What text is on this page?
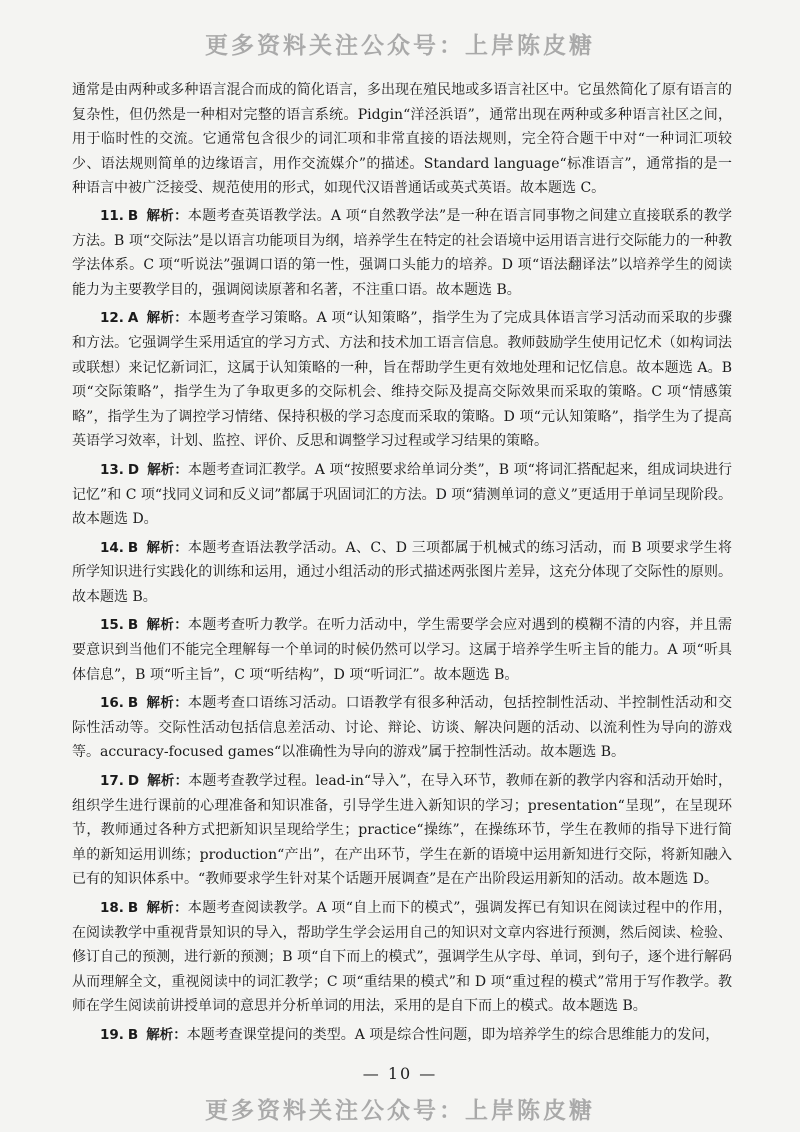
更多资料关注公众号：上岸陈皮糖

通常是由两种或多种语言混合而成的简化语言，多出现在殖民地或多语言社区中。它虽然简化了原有语言的复杂性，但仍然是一种相对完整的语言系统。Pidgin“洋泾浜语”，通常出现在两种或多种语言社区之间，用于临时性的交流。它通常包含很少的词汇项和非常直接的语法规则，完全符合题干中对“一种词汇项较少、语法规则简单的边缘语言，用作交流媒介”的描述。Standard language“标准语言”，通常指的是一种语言中被广泛接受、规范使用的形式，如现代汉语普通话或英式英语。故本题选 C。

11. B 解析：本题考查英语教学法。A 项“自然教学法”是一种在语言同事物之间建立直接联系的教学方法。B 项“交际法”是以语言功能项目为纲，培养学生在特定的社会语境中运用语言进行交际能力的一种教学法体系。C 项“听说法”强调口语的第一性，强调口头能力的培养。D 项“语法翻译法”以培养学生的阅读能力为主要教学目的，强调阅读原著和名著，不注重口语。故本题选 B。

12. A 解析：本题考查学习策略。A 项“认知策略”，指学生为了完成具体语言学习活动而采取的步骤和方法。它强调学生采用适宜的学习方式、方法和技术加工语言信息。教师鼓励学生使用记忆术（如构词法或联想）来记忆新词汇，这属于认知策略的一种，旨在帮助学生更有效地处理和记忆信息。故本题选 A。B 项“交际策略”，指学生为了争取更多的交际机会、维持交际及提高交际效果而采取的策略。C 项“情感策略”，指学生为了调控学习情绪、保持积极的学习态度而采取的策略。D 项“元认知策略”，指学生为了提高英语学习效率，计划、监控、评价、反思和调整学习过程或学习结果的策略。

13. D 解析：本题考查词汇教学。A 项“按照要求给单词分类”，B 项“将词汇搭配起来，组成词块进行记忆”和 C 项“找同义词和反义词”都属于巩固词汇的方法。D 项“猜测单词的意义”更适用于单词呈现阶段。故本题选 D。

14. B 解析：本题考查语法教学活动。A、C、D 三项都属于机械式的练习活动，而 B 项要求学生将所学知识进行实践化的训练和运用，通过小组活动的形式描述两张图片差异，这充分体现了交际性的原则。故本题选 B。

15. B 解析：本题考查听力教学。在听力活动中，学生需要学会应对遇到的模糊不清的内容，并且需要意识到当他们不能完全理解每一个单词的时候仍然可以学习。这属于培养学生听主旨的能力。A 项“听具体信息”，B 项“听主旨”，C 项“听结构”，D 项“听词汇”。故本题选 B。

16. B 解析：本题考查口语练习活动。口语教学有很多种活动，包括控制性活动、半控制性活动和交际性活动等。交际性活动包括信息差活动、讨论、辩论、访谈、解决问题的活动、以流利性为导向的游戏等。accuracy-focused games“以准确性为导向的游戏”属于控制性活动。故本题选 B。

17. D 解析：本题考查教学过程。lead-in“导入”，在导入环节，教师在新的教学内容和活动开始时，组织学生进行课前的心理准备和知识准备，引导学生进入新知识的学习；presentation“呈现”，在呈现环节，教师通过各种方式把新知识呈现给学生；practice“操练”，在操练环节，学生在教师的指导下进行简单的新知运用训练；production“产出”，在产出环节，学生在新的语境中运用新知进行交际，将新知融入已有的知识体系中。“教师要求学生针对某个话题开展调查”是在产出阶段运用新知的活动。故本题选 D。

18. B 解析：本题考查阅读教学。A 项“自上而下的模式”，强调发挥已有知识在阅读过程中的作用，在阅读教学中重视背景知识的导入，帮助学生学会运用自己的知识对文章内容进行预测，然后阅读、检验、修订自己的预测，进行新的预测；B 项“自下而上的模式”，强调学生从字母、单词，到句子，逐个进行解码从而理解全文，重视阅读中的词汇教学；C 项“重结果的模式”和 D 项“重过程的模式”常用于写作教学。教师在学生阅读前讲授单词的意思并分析单词的用法，采用的是自下而上的模式。故本题选 B。

19. B 解析：本题考查课堂提问的类型。A 项是综合性问题，即为培养学生的综合思维能力的发问，

— 10 —
更多资料关注公众号：上岸陈皮糖
